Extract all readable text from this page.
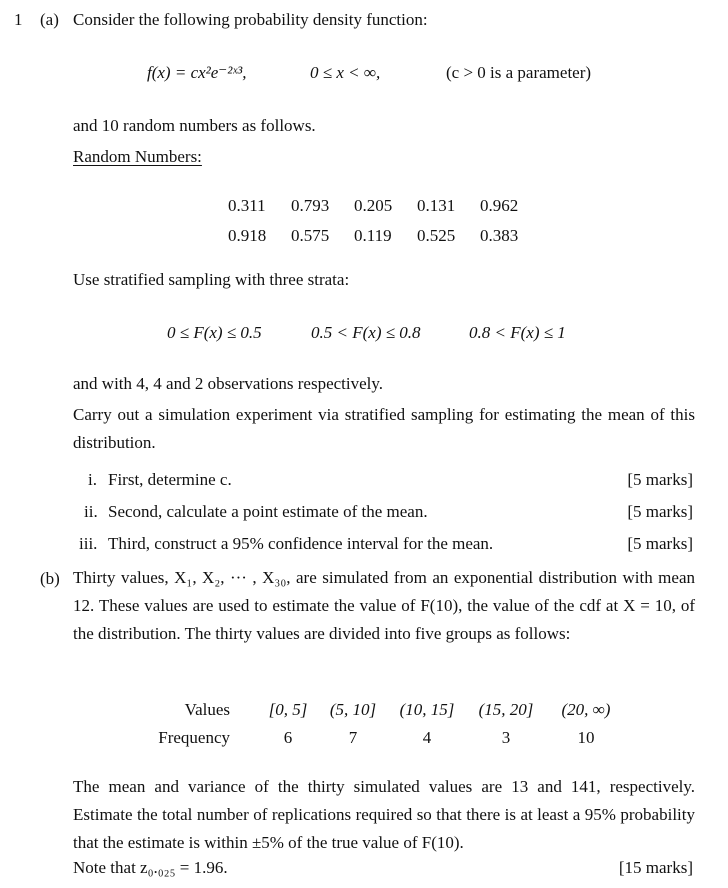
1 (a) Consider the following probability density function:
f(x) = cx²e⁻²ˣ³,	0 ≤ x < ∞,	(c > 0 is a parameter)
and 10 random numbers as follows.
Random Numbers:
0.311	0.793	0.205	0.131	0.962
0.918	0.575	0.119	0.525	0.383
Use stratified sampling with three strata:
0 ≤ F(x) ≤ 0.5	0.5 < F(x) ≤ 0.8	0.8 < F(x) ≤ 1
and with 4, 4 and 2 observations respectively.
Carry out a simulation experiment via stratified sampling for estimating the mean of this distribution.
i. First, determine c.	[5 marks]
ii. Second, calculate a point estimate of the mean.	[5 marks]
iii. Third, construct a 95% confidence interval for the mean.	[5 marks]
(b) Thirty values, X₁, X₂, ··· , X₃₀, are simulated from an exponential distribution with mean 12. These values are used to estimate the value of F(10), the value of the cdf at X = 10, of the distribution. The thirty values are divided into five groups as follows:
Values	[0, 5]	(5, 10]	(10, 15]	(15, 20]	(20, ∞)
Frequency	6	7	4	3	10
The mean and variance of the thirty simulated values are 13 and 141, respectively. Estimate the total number of replications required so that there is at least a 95% probability that the estimate is within ±5% of the true value of F(10).
Note that z₀.₀₂₅ = 1.96.	[15 marks]
